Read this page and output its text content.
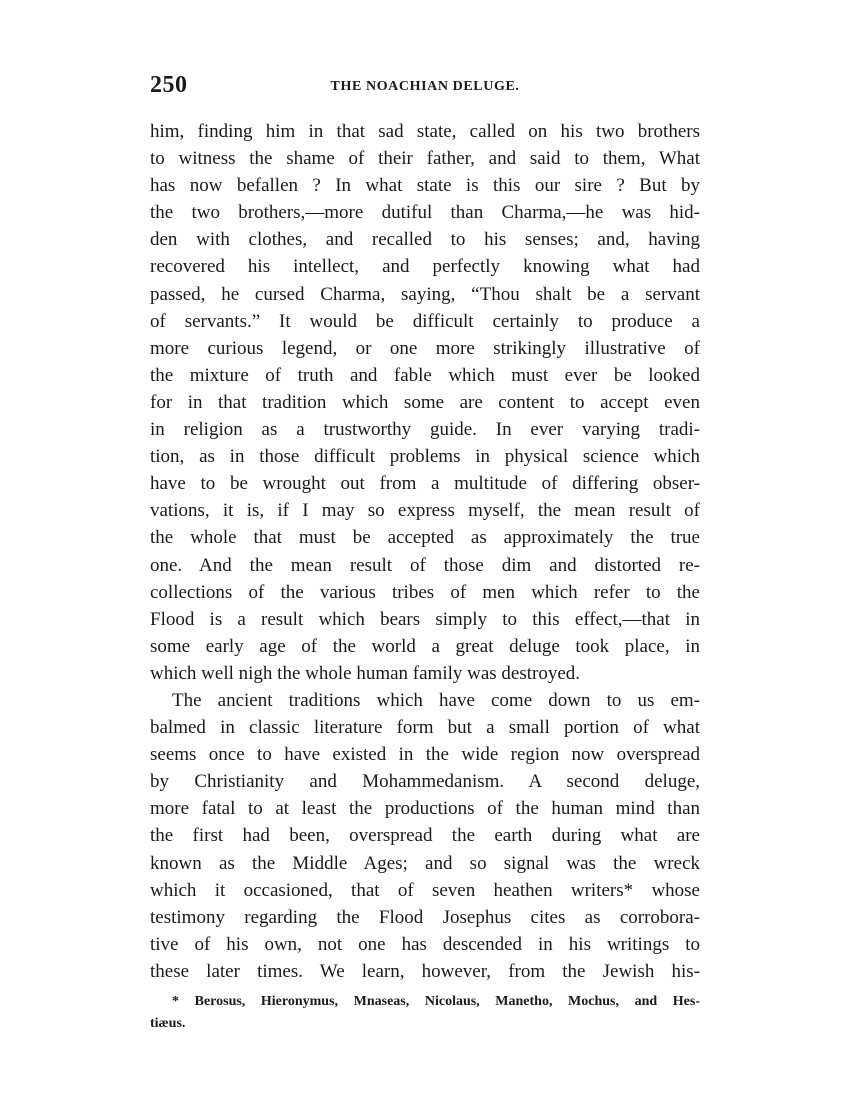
250	THE NOACHIAN DELUGE.

him, finding him in that sad state, called on his two brothers
to witness the shame of their father, and said to them, What
has now befallen ? In what state is this our sire ? But by
the two brothers,—more dutiful than Charma,—he was hid-
den with clothes, and recalled to his senses; and, having
recovered his intellect, and perfectly knowing what had
passed, he cursed Charma, saying, “Thou shalt be a servant
of servants.” It would be difficult certainly to produce a
more curious legend, or one more strikingly illustrative of
the mixture of truth and fable which must ever be looked
for in that tradition which some are content to accept even
in religion as a trustworthy guide. In ever varying tradi-
tion, as in those difficult problems in physical science which
have to be wrought out from a multitude of differing obser-
vations, it is, if I may so express myself, the mean result of
the whole that must be accepted as approximately the true
one. And the mean result of those dim and distorted re-
collections of the various tribes of men which refer to the
Flood is a result which bears simply to this effect,—that in
some early age of the world a great deluge took place, in
which well nigh the whole human family was destroyed.

The ancient traditions which have come down to us em-
balmed in classic literature form but a small portion of what
seems once to have existed in the wide region now overspread
by Christianity and Mohammedanism. A second deluge,
more fatal to at least the productions of the human mind than
the first had been, overspread the earth during what are
known as the Middle Ages; and so signal was the wreck
which it occasioned, that of seven heathen writers* whose
testimony regarding the Flood Josephus cites as corrobora-
tive of his own, not one has descended in his writings to
these later times. We learn, however, from the Jewish his-

* Berosus, Hieronymus, Mnaseas, Nicolaus, Manetho, Mochus, and Hes-
tiæus.
